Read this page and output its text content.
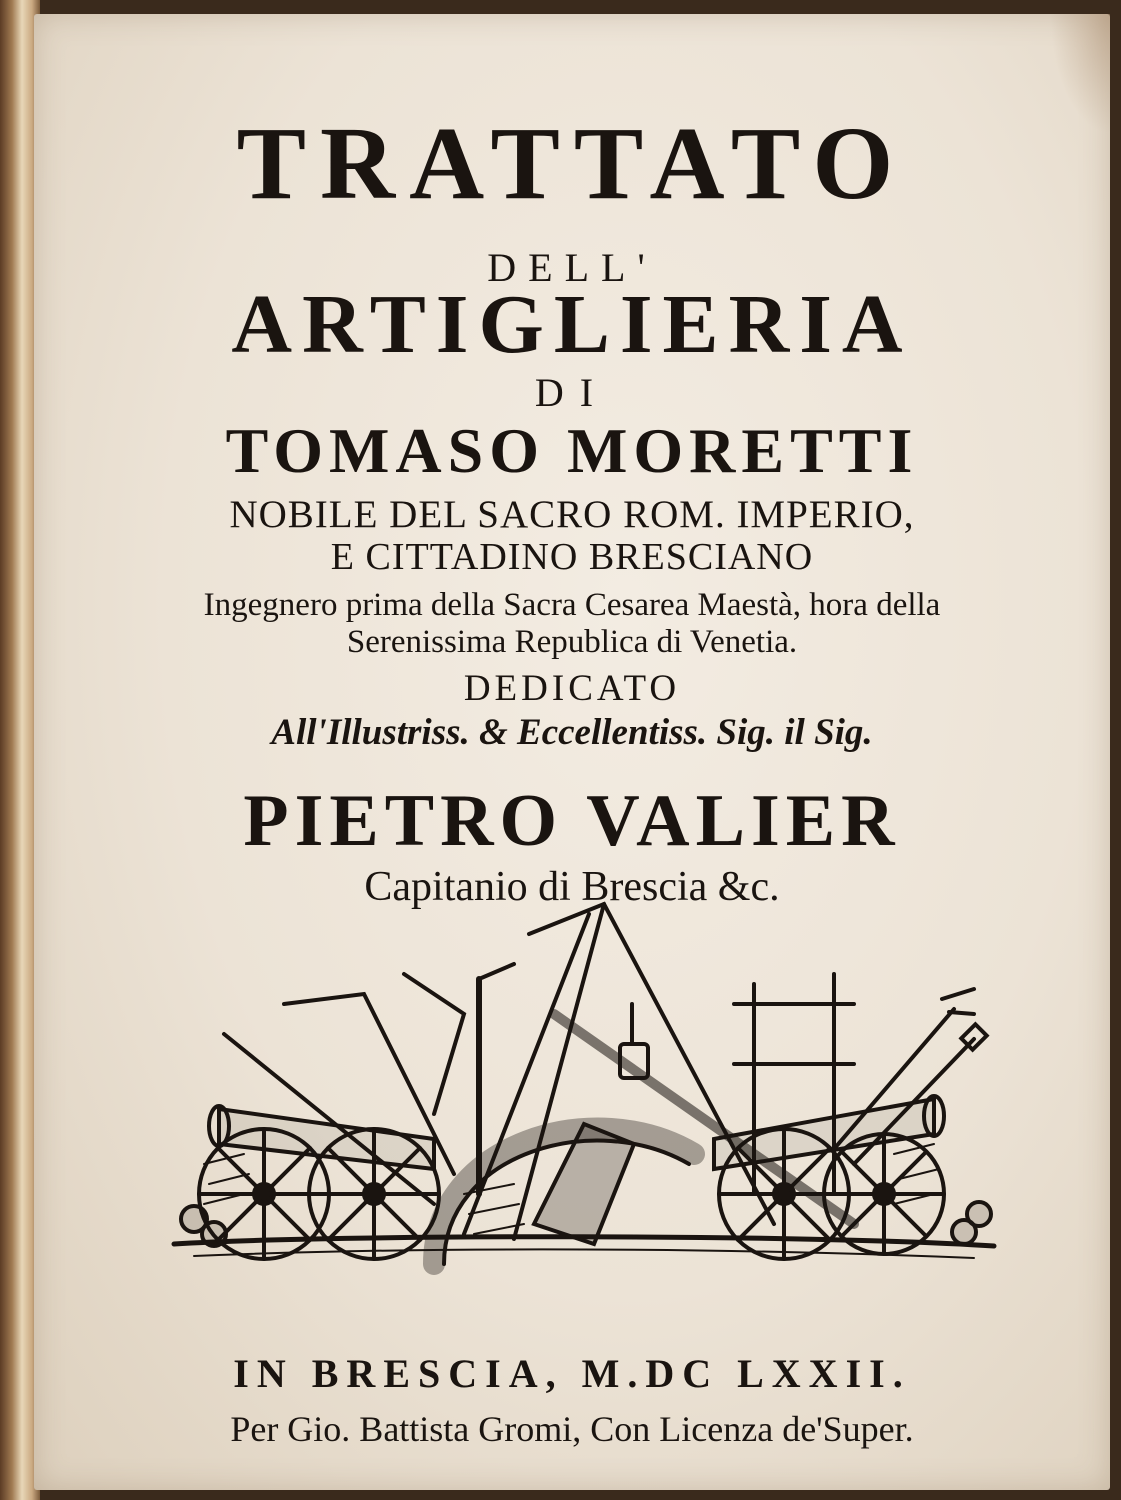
TRATTATO
DELL'
ARTIGLIERIA
DI
TOMASO MORETTI
NOBILE DEL SACRO ROM. IMPERIO,
E CITTADINO BRESCIANO
Ingegnero prima della Sacra Cesarea Maestà, hora della
Serenissima Republica di Venetia.
DEDICATO
All'Illustriss. & Eccellentiss. Sig. il Sig.
PIETRO VALIER
Capitanio di Brescia &c.
IN BRESCIA, M.DC LXXII.
Per Gio. Battista Gromi, Con Licenza de'Super.
